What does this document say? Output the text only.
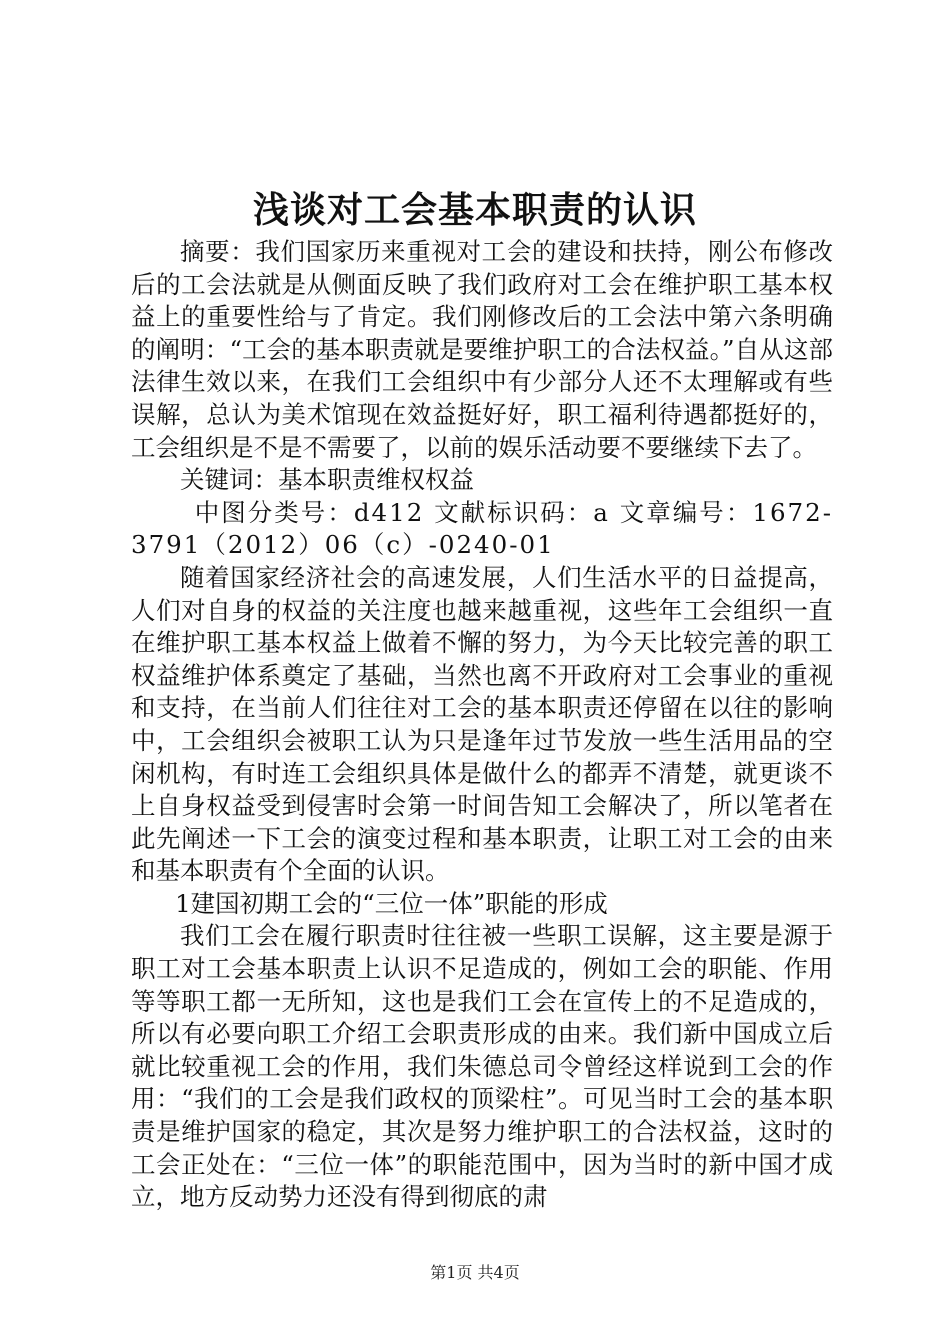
浅谈对工会基本职责的认识

摘要：我们国家历来重视对工会的建设和扶持，刚公布修改后的工会法就是从侧面反映了我们政府对工会在维护职工基本权益上的重要性给与了肯定。我们刚修改后的工会法中第六条明确的阐明：“工会的基本职责就是要维护职工的合法权益。”自从这部法律生效以来，在我们工会组织中有少部分人还不太理解或有些误解，总认为美术馆现在效益挺好好，职工福利待遇都挺好的，工会组织是不是不需要了，以前的娱乐活动要不要继续下去了。

关键词：基本职责维权权益

中图分类号：d412 文献标识码：a 文章编号：1672-3791（2012）06（c）-0240-01

随着国家经济社会的高速发展，人们生活水平的日益提高，人们对自身的权益的关注度也越来越重视，这些年工会组织一直在维护职工基本权益上做着不懈的努力，为今天比较完善的职工权益维护体系奠定了基础，当然也离不开政府对工会事业的重视和支持，在当前人们往往对工会的基本职责还停留在以往的影响中，工会组织会被职工认为只是逢年过节发放一些生活用品的空闲机构，有时连工会组织具体是做什么的都弄不清楚，就更谈不上自身权益受到侵害时会第一时间告知工会解决了，所以笔者在此先阐述一下工会的演变过程和基本职责，让职工对工会的由来和基本职责有个全面的认识。

1建国初期工会的“三位一体”职能的形成

我们工会在履行职责时往往被一些职工误解，这主要是源于职工对工会基本职责上认识不足造成的，例如工会的职能、作用等等职工都一无所知，这也是我们工会在宣传上的不足造成的，所以有必要向职工介绍工会职责形成的由来。我们新中国成立后就比较重视工会的作用，我们朱德总司令曾经这样说到工会的作用：“我们的工会是我们政权的顶梁柱”。可见当时工会的基本职责是维护国家的稳定，其次是努力维护职工的合法权益，这时的工会正处在：“三位一体”的职能范围中，因为当时的新中国才成立，地方反动势力还没有得到彻底的肃

第1页 共4页
